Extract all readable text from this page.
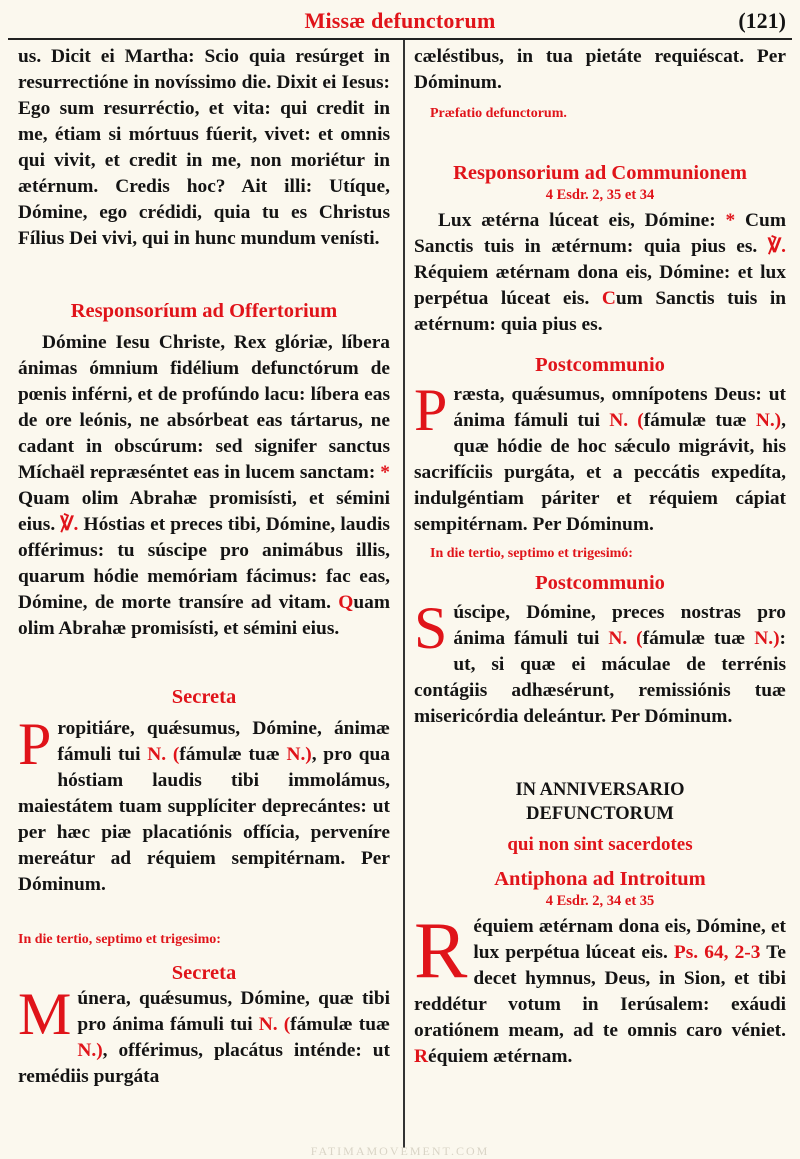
Missæ defunctorum	(121)

us. Dicit ei Martha: Scio quia resúrget in resurrectióne in novíssimo die. Dixit ei Iesus: Ego sum resurréctio, et vita: qui credit in me, étiam si mórtuus fúerit, vivet: et omnis qui vivit, et credit in me, non moriétur in ætérnum. Credis hoc? Ait illi: Utíque, Dómine, ego crédidi, quia tu es Christus Fílius Dei vivi, qui in hunc mundum venísti.

Responsoríum ad Offertorium

Dómine Iesu Christe, Rex glóriæ, líbera ánimas ómnium fidélium defunctórum de pœnis inférni, et de profúndo lacu: líbera eas de ore leónis, ne absórbeat eas tártarus, ne cadant in obscúrum: sed signifer sanctus Míchaël repræséntet eas in lucem sanctam: * Quam olim Abrahæ promisísti, et sémini eius. ℣. Hóstias et preces tibi, Dómine, laudis offérimus: tu súscipe pro animábus illis, quarum hódie memóriam fácimus: fac eas, Dómine, de morte transíre ad vitam. Quam olim Abrahæ promisísti, et sémini eius.

Secreta

Propitiáre, quǽsumus, Dómine, ánimæ fámuli tui N. (fámulæ tuæ N.), pro qua hóstiam laudis tibi immolámus, maiestátem tuam supplíciter deprecántes: ut per hæc piæ placatiónis offícia, perveníre mereátur ad réquiem sempitérnam. Per Dóminum.

In die tertio, septimo et trigesimo:
Secreta

Múnera, quǽsumus, Dómine, quæ tibi pro ánima fámuli tui N. (fámulæ tuæ N.), offérimus, placátus inténde: ut remédiis purgáta

cæléstibus, in tua pietáte requiéscat. Per Dóminum.

Præfatio defunctorum.
Responsorium ad Communionem
4 Esdr. 2, 35 et 34

Lux ætérna lúceat eis, Dómine: * Cum Sanctis tuis in ætérnum: quia pius es. ℣. Réquiem ætérnam dona eis, Dómine: et lux perpétua lúceat eis. Cum Sanctis tuis in ætérnum: quia pius es.

Postcommunio

Præsta, quǽsumus, omnípotens Deus: ut ánima fámuli tui N. (fámulæ tuæ N.), quæ hódie de hoc sǽculo migrávit, his sacrifíciis purgáta, et a peccátis expedíta, indulgéntiam páriter et réquiem cápiat sempitérnam. Per Dóminum.

In die tertio, septimo et trigesimó:
Postcommunio

Súscipe, Dómine, preces nostras pro ánima fámuli tui N. (fámulæ tuæ N.): ut, si quæ ei máculae de terrénis contágiis adhæsérunt, remissiónis tuæ misericórdia deleántur. Per Dóminum.

IN ANNIVERSARIO
DEFUNCTORUM
qui non sint sacerdotes
Antiphona ad Introitum
4 Esdr. 2, 34 et 35

Réquiem ætérnam dona eis, Dómine, et lux perpétua lúceat eis. Ps. 64, 2-3 Te decet hymnus, Deus, in Sion, et tibi reddétur votum in Ierúsalem: exáudi oratiónem meam, ad te omnis caro véniet. Réquiem ætérnam.

FATIMAMOVEMENT.COM
